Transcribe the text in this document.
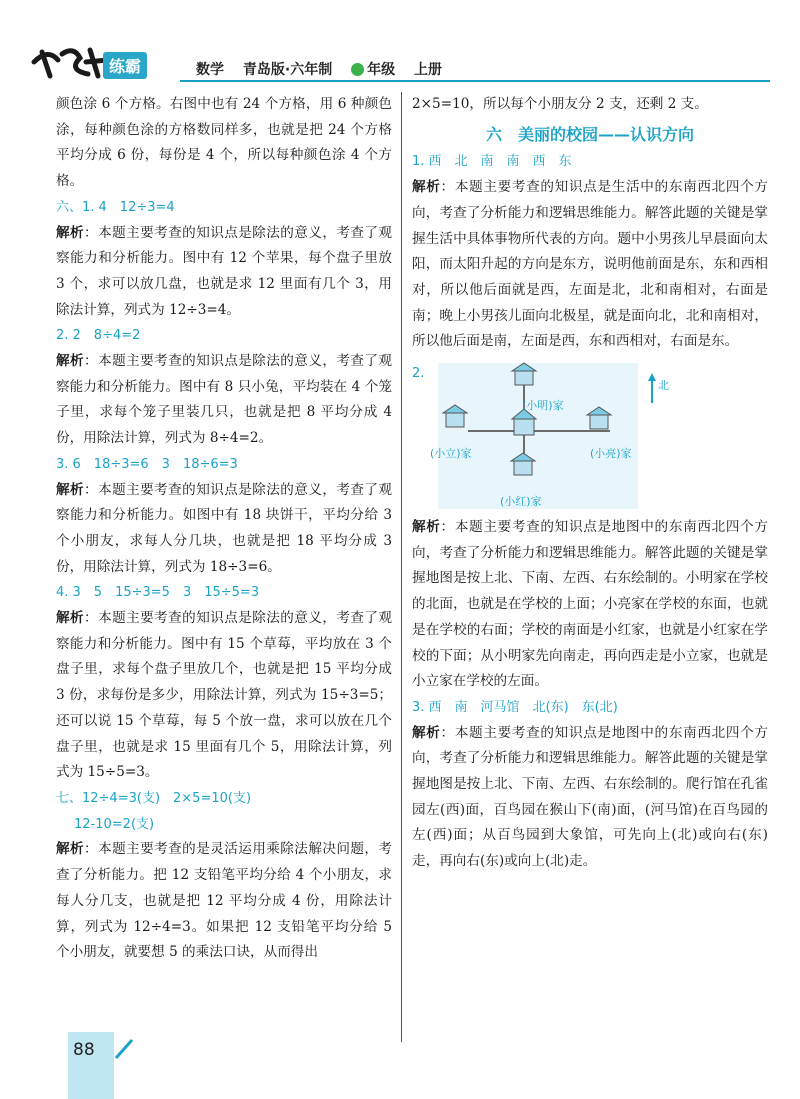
练霸	数学 青岛版·六年制 年级 上册

颜色涂 6 个方格。右图中也有 24 个方格，用 6 种颜色涂，每种颜色涂的方格数同样多，也就是把 24 个方格平均分成 6 份，每份是 4 个，所以每种颜色涂 4 个方格。

六、1. 4　12÷3=4

解析：本题主要考查的知识点是除法的意义，考查了观察能力和分析能力。图中有 12 个苹果，每个盘子里放 3 个，求可以放几盘，也就是求 12 里面有几个 3，用除法计算，列式为 12÷3=4。

2. 2　8÷4=2

解析：本题主要考查的知识点是除法的意义，考查了观察能力和分析能力。图中有 8 只小兔，平均装在 4 个笼子里，求每个笼子里装几只，也就是把 8 平均分成 4 份，用除法计算，列式为 8÷4=2。

3. 6　18÷3=6　3　18÷6=3

解析：本题主要考查的知识点是除法的意义，考查了观察能力和分析能力。如图中有 18 块饼干，平均分给 3 个小朋友，求每人分几块，也就是把 18 平均分成 3 份，用除法计算，列式为 18÷3=6。

4. 3　5　15÷3=5　3　15÷5=3

解析：本题主要考查的知识点是除法的意义，考查了观察能力和分析能力。图中有 15 个草莓，平均放在 3 个盘子里，求每个盘子里放几个，也就是把 15 平均分成 3 份，求每份是多少，用除法计算，列式为 15÷3=5；还可以说 15 个草莓，每 5 个放一盘，求可以放在几个盘子里，也就是求 15 里面有几个 5，用除法计算，列式为 15÷5=3。

七、12÷4=3(支)　2×5=10(支)

12-10=2(支)

解析：本题主要考查的是灵活运用乘除法解决问题，考查了分析能力。把 12 支铅笔平均分给 4 个小朋友，求每人分几支，也就是把 12 平均分成 4 份，用除法计算，列式为 12÷4=3。如果把 12 支铅笔平均分给 5 个小朋友，就要想 5 的乘法口诀，从而得出

2×5=10，所以每个小朋友分 2 支，还剩 2 支。

六　美丽的校园——认识方向

1. 西　北　南　南　西　东

解析：本题主要考查的知识点是生活中的东南西北四个方向，考查了分析能力和逻辑思维能力。解答此题的关键是掌握生活中具体事物所代表的方向。题中小男孩儿早晨面向太阳，而太阳升起的方向是东方，说明他前面是东，东和西相对，所以他后面就是西，左面是北，北和南相对，右面是南；晚上小男孩儿面向北极星，就是面向北，北和南相对，所以他后面是南，左面是西，东和西相对，右面是东。

2.
(小明)家
(小立)家	(小亮)家
(小红)家
北

解析：本题主要考查的知识点是地图中的东南西北四个方向，考查了分析能力和逻辑思维能力。解答此题的关键是掌握地图是按上北、下南、左西、右东绘制的。小明家在学校的北面，也就是在学校的上面；小亮家在学校的东面，也就是在学校的右面；学校的南面是小红家，也就是小红家在学校的下面；从小明家先向南走，再向西走是小立家，也就是小立家在学校的左面。

3. 西　南　河马馆　北(东)　东(北)

解析：本题主要考查的知识点是地图中的东南西北四个方向，考查了分析能力和逻辑思维能力。解答此题的关键是掌握地图是按上北、下南、左西、右东绘制的。爬行馆在孔雀园左(西)面，百鸟园在猴山下(南)面，(河马馆)在百鸟园的左(西)面；从百鸟园到大象馆，可先向上(北)或向右(东)走，再向右(东)或向上(北)走。

88
